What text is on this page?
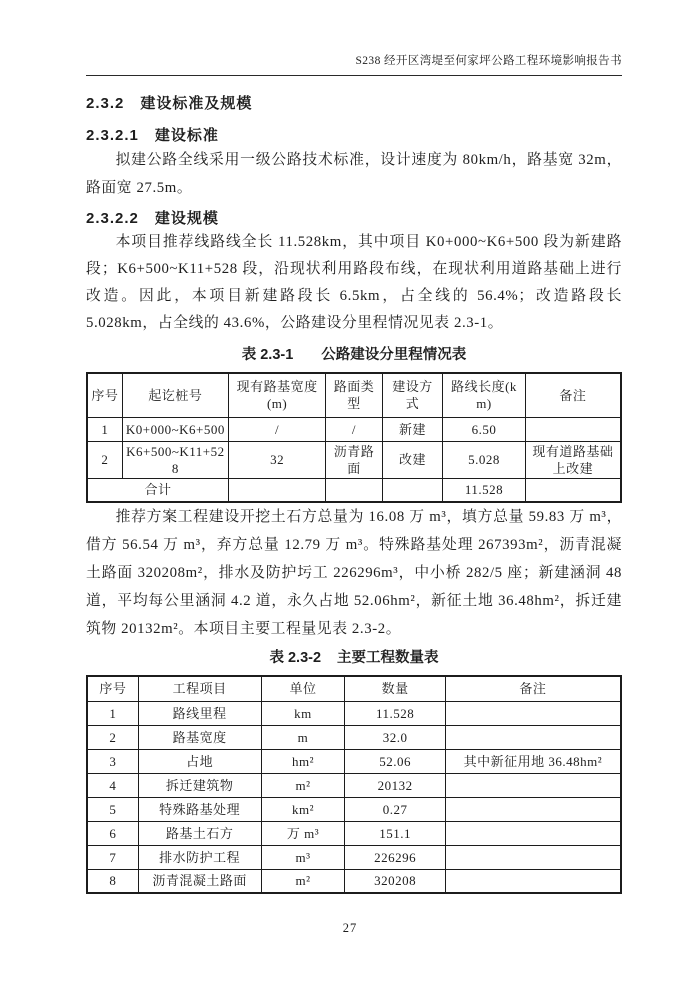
S238 经开区湾堤至何家坪公路工程环境影响报告书
2.3.2　建设标准及规模
2.3.2.1　建设标准

拟建公路全线采用一级公路技术标准，设计速度为 80km/h，路基宽 32m，路面宽 27.5m。

2.3.2.2　建设规模

本项目推荐线路线全长 11.528km，其中项目 K0+000~K6+500 段为新建路段；K6+500~K11+528 段，沿现状利用路段布线，在现状利用道路基础上进行改造。因此，本项目新建路段长 6.5km，占全线的 56.4%；改造路段长 5.028km，占全线的 43.6%，公路建设分里程情况见表 2.3-1。

表 2.3-1 公路建设分里程情况表
序号	起讫桩号	现有路基宽度(m)	路面类型	建设方式	路线长度(km)	备注
1	K0+000~K6+500	/	/	新建	6.50	
2	K6+500~K11+528	32	沥青路面	改建	5.028	现有道路基础上改建
合计					11.528	

推荐方案工程建设开挖土石方总量为 16.08 万 m³，填方总量 59.83 万 m³，借方 56.54 万 m³，弃方总量 12.79 万 m³。特殊路基处理 267393m²，沥青混凝土路面 320208m²，排水及防护圬工 226296m³，中小桥 282/5 座；新建涵洞 48 道，平均每公里涵洞 4.2 道，永久占地 52.06hm²，新征土地 36.48hm²，拆迁建筑物 20132m²。本项目主要工程量见表 2.3-2。

表 2.3-2 主要工程数量表
序号	工程项目	单位	数量	备注
1	路线里程	km	11.528	
2	路基宽度	m	32.0	
3	占地	hm²	52.06	其中新征用地 36.48hm²
4	拆迁建筑物	m²	20132	
5	特殊路基处理	km²	0.27	
6	路基土石方	万 m³	151.1	
7	排水防护工程	m³	226296	
8	沥青混凝土路面	m²	320208	
27
